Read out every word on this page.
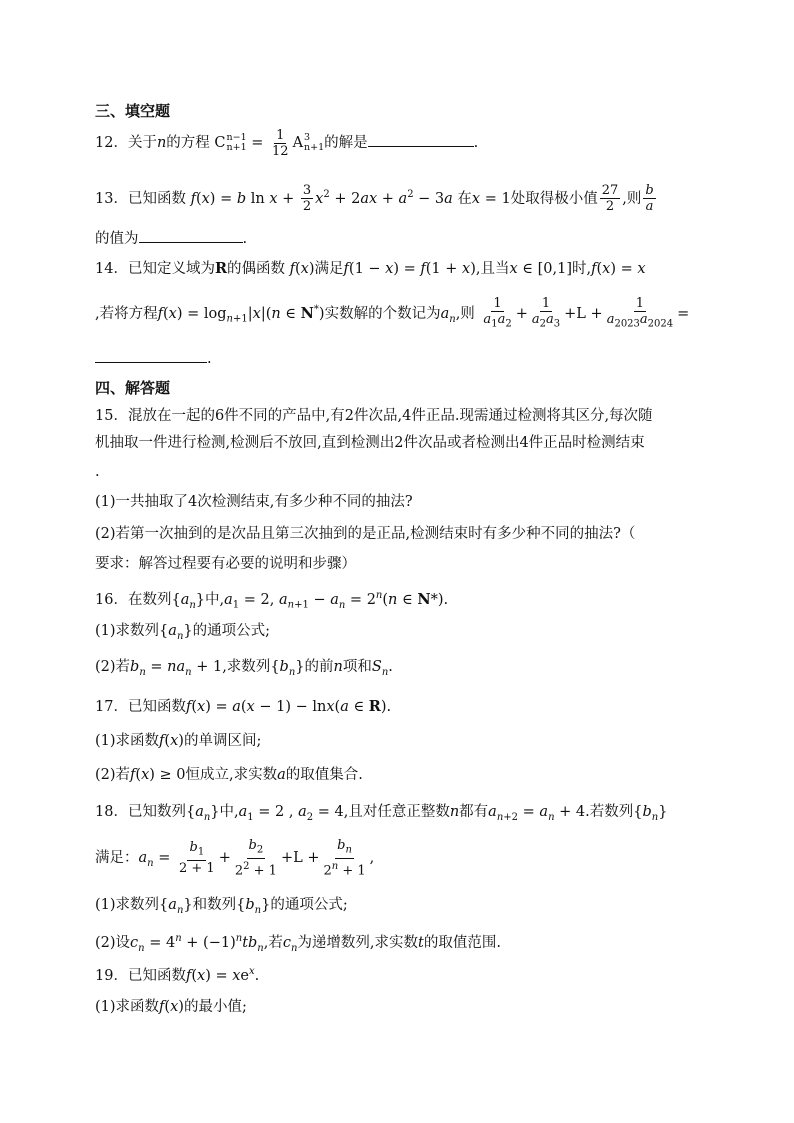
三、填空题
12．关于n的方程 C n−1
$n+1 = \frac{1}{12}$ A 3
n+1 的解是	.
13．已知函数 f(x) = b $\ln x + \frac{3}{2} x^2 + 2ax + a^2 - 3a$ 在x = 1处取得极小值 $\frac{27}{2}$ ,则 $\frac{b}{a}$
的值为	.
14．已知定义域为R的偶函数 f(x)满足f(1 − x) = f(1 + x),且当x ∈ [0,1]时,f(x) = x
,若将方程$f(x) = \log_{n+1}|x|(n$ ∈ N*)实数解的个数记为$a_n$,则 $\frac{1}{a_1a_2} + \frac{1}{a_2a_3} +L + \frac{1}{a_{2023}a_{2024}}$ =
.
四、解答题
15．混放在一起的6件不同的产品中,有2件次品,4件正品.现需通过检测将其区分,每次随
机抽取一件进行检测,检测后不放回,直到检测出2件次品或者检测出4件正品时检测结束
.
(1)一共抽取了4次检测结束,有多少种不同的抽法?
(2)若第一次抽到的是次品且第三次抽到的是正品,检测结束时有多少种不同的抽法?（
要求：解答过程要有必要的说明和步骤）
16．在数列$\{a_n\}$中$,a_1 = 2$, $a_{n+1} - a_n = 2^n(n$ ∈ N*).
(1)求数列$\{a_n\}$的通项公式;
(2)若$b_n = na_n + 1$,求数列$\{b_n\}$的前n项和$S_n$.
17．已知函数f(x) = a(x − 1) − lnx(a ∈ R).
(1)求函数f(x)的单调区间;
(2)若f(x) ≥ 0恒成立,求实数a的取值集合.
18．已知数列$\{a_n\}$中$,a_1 = 2$ , $a_2 = 4$,且对任意正整数n都有$a_{n+2} = a_n + 4$.若数列$\{b_n\}$
满足：$a_n = \frac{b_1}{2 + 1} + \frac{b_2}{2^2 + 1} +L + \frac{b_n}{2^n + 1}$ ,
(1)求数列$\{a_n\}$和数列$\{b_n\}$的通项公式;
(2)设$c_n = 4^n + (-1)^ntb_n$,若$c_n$为递增数列,求实数t的取值范围.
19．已知函数$f(x) = xe^x$.
(1)求函数f(x)的最小值;
